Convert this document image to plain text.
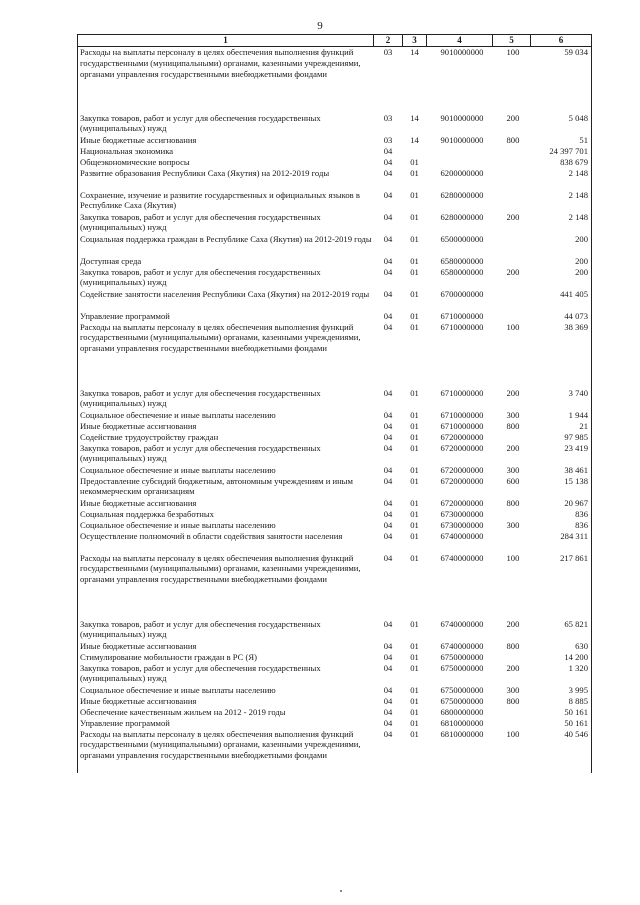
9
1	2	3	4	5	6
Расходы на выплаты персоналу в целях обеспечения выполнения функций государственными (муниципальными) органами, казенными учреждениями, органами управления государственными внебюджетными фондами	03	14	9010000000	100	59 034
Закупка товаров, работ и услуг для обеспечения государственных (муниципальных) нужд	03	14	9010000000	200	5 048
Иные бюджетные ассигнования	03	14	9010000000	800	51
Национальная экономика	04				24 397 701
Общеэкономические вопросы	04	01			838 679
Развитие образования Республики Саха (Якутия) на 2012-2019 годы	04	01	6200000000		2 148
Сохранение, изучение и развитие государственных и официальных языков в Республике Саха (Якутия)	04	01	6280000000		2 148
Закупка товаров, работ и услуг для обеспечения государственных (муниципальных) нужд	04	01	6280000000	200	2 148
Социальная поддержка граждан в Республике Саха (Якутия) на 2012-2019 годы	04	01	6500000000		200
Доступная среда	04	01	6580000000		200
Закупка товаров, работ и услуг для обеспечения государственных (муниципальных) нужд	04	01	6580000000	200	200
Содействие занятости населения Республики Саха (Якутия) на 2012-2019 годы	04	01	6700000000		441 405
Управление программой	04	01	6710000000		44 073
Расходы на выплаты персоналу в целях обеспечения выполнения функций государственными (муниципальными) органами, казенными учреждениями, органами управления государственными внебюджетными фондами	04	01	6710000000	100	38 369
Закупка товаров, работ и услуг для обеспечения государственных (муниципальных) нужд	04	01	6710000000	200	3 740
Социальное обеспечение и иные выплаты населению	04	01	6710000000	300	1 944
Иные бюджетные ассигнования	04	01	6710000000	800	21
Содействие трудоустройству граждан	04	01	6720000000		97 985
Закупка товаров, работ и услуг для обеспечения государственных (муниципальных) нужд	04	01	6720000000	200	23 419
Социальное обеспечение и иные выплаты населению	04	01	6720000000	300	38 461
Предоставление субсидий бюджетным, автономным учреждениям и иным некоммерческим организациям	04	01	6720000000	600	15 138
Иные бюджетные ассигнования	04	01	6720000000	800	20 967
Социальная поддержка безработных	04	01	6730000000		836
Социальное обеспечение и иные выплаты населению	04	01	6730000000	300	836
Осуществление полномочий в области содействия занятости населения	04	01	6740000000		284 311
Расходы на выплаты персоналу в целях обеспечения выполнения функций государственными (муниципальными) органами, казенными учреждениями, органами управления государственными внебюджетными фондами	04	01	6740000000	100	217 861
Закупка товаров, работ и услуг для обеспечения государственных (муниципальных) нужд	04	01	6740000000	200	65 821
Иные бюджетные ассигнования	04	01	6740000000	800	630
Стимулирование мобильности граждан в РС (Я)	04	01	6750000000		14 200
Закупка товаров, работ и услуг для обеспечения государственных (муниципальных) нужд	04	01	6750000000	200	1 320
Социальное обеспечение и иные выплаты населению	04	01	6750000000	300	3 995
Иные бюджетные ассигнования	04	01	6750000000	800	8 885
Обеспечение качественным жильем на 2012 - 2019 годы	04	01	6800000000		50 161
Управление программой	04	01	6810000000		50 161
Расходы на выплаты персоналу в целях обеспечения выполнения функций государственными (муниципальными) органами, казенными учреждениями, органами управления государственными внебюджетными фондами	04	01	6810000000	100	40 546
